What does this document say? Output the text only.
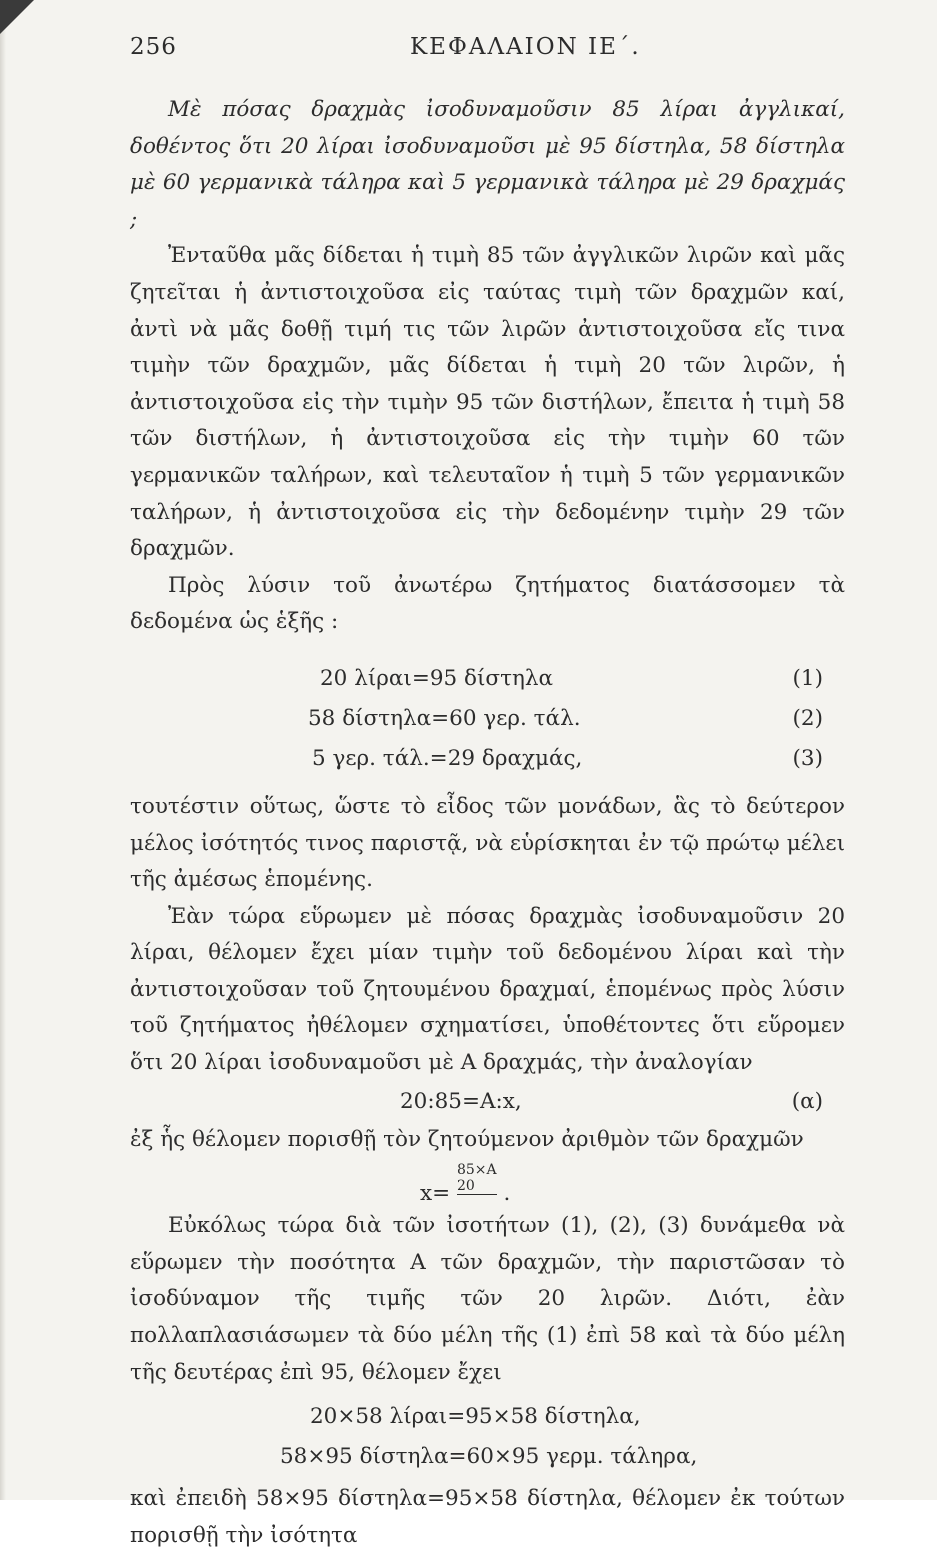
256	ΚΕΦΑΛΑΙΟΝ ΙΕ΄.

Μὲ πόσας δραχμὰς ἰσοδυναμοῦσιν 85 λίραι ἀγγλικαί, δοθέντος ὅτι 20 λίραι ἰσοδυναμοῦσι μὲ 95 δίστηλα, 58 δίστηλα μὲ 60 γερμανικὰ τάληρα καὶ 5 γερμανικὰ τάληρα μὲ 29 δραχμάς ;

Ἐνταῦθα μᾶς δίδεται ἡ τιμὴ 85 τῶν ἀγγλικῶν λιρῶν καὶ μᾶς ζητεῖται ἡ ἀντιστοιχοῦσα εἰς ταύτας τιμὴ τῶν δραχμῶν καί, ἀντὶ νὰ μᾶς δοθῇ τιμή τις τῶν λιρῶν ἀντιστοιχοῦσα εἴς τινα τιμὴν τῶν δραχμῶν, μᾶς δίδεται ἡ τιμὴ 20 τῶν λιρῶν, ἡ ἀντιστοιχοῦσα εἰς τὴν τιμὴν 95 τῶν διστήλων, ἔπειτα ἡ τιμὴ 58 τῶν διστήλων, ἡ ἀντιστοιχοῦσα εἰς τὴν τιμὴν 60 τῶν γερμανικῶν ταλήρων, καὶ τελευταῖον ἡ τιμὴ 5 τῶν γερμανικῶν ταλήρων, ἡ ἀντιστοιχοῦσα εἰς τὴν δεδομένην τιμὴν 29 τῶν δραχμῶν.

Πρὸς λύσιν τοῦ ἀνωτέρω ζητήματος διατάσσομεν τὰ δεδομένα ὡς ἑξῆς :

20 λίραι=95 δίστηλα	(1)
58 δίστηλα=60 γερ. τάλ.	(2)
5 γερ. τάλ.=29 δραχμάς,	(3)

τουτέστιν οὕτως, ὥστε τὸ εἶδος τῶν μονάδων, ἃς τὸ δεύτερον μέλος ἰσότητός τινος παριστᾷ, νὰ εὑρίσκηται ἐν τῷ πρώτῳ μέλει τῆς ἀμέσως ἑπομένης.

Ἐὰν τώρα εὕρωμεν μὲ πόσας δραχμὰς ἰσοδυναμοῦσιν 20 λίραι, θέλομεν ἔχει μίαν τιμὴν τοῦ δεδομένου λίραι καὶ τὴν ἀντιστοιχοῦσαν τοῦ ζητουμένου δραχμαί, ἑπομένως πρὸς λύσιν τοῦ ζητήματος ἠθέλομεν σχηματίσει, ὑποθέτοντες ὅτι εὕρομεν ὅτι 20 λίραι ἰσοδυναμοῦσι μὲ Α δραχμάς, τὴν ἀναλογίαν

20:85=A:x,	(α)

ἐξ ἧς θέλομεν πορισθῇ τὸν ζητούμενον ἀριθμὸν τῶν δραχμῶν

x= 85×A
20 .

Εὐκόλως τώρα διὰ τῶν ἰσοτήτων (1), (2), (3) δυνάμεθα νὰ εὕρωμεν τὴν ποσότητα Α τῶν δραχμῶν, τὴν παριστῶσαν τὸ ἰσοδύναμον τῆς τιμῆς τῶν 20 λιρῶν. Διότι, ἐὰν πολλαπλασιάσωμεν τὰ δύο μέλη τῆς (1) ἐπὶ 58 καὶ τὰ δύο μέλη τῆς δευτέρας ἐπὶ 95, θέλομεν ἔχει

20×58 λίραι=95×58 δίστηλα,
58×95 δίστηλα=60×95 γερμ. τάληρα,

καὶ ἐπειδὴ 58×95 δίστηλα=95×58 δίστηλα, θέλομεν ἐκ τούτων πορισθῇ τὴν ἰσότητα
